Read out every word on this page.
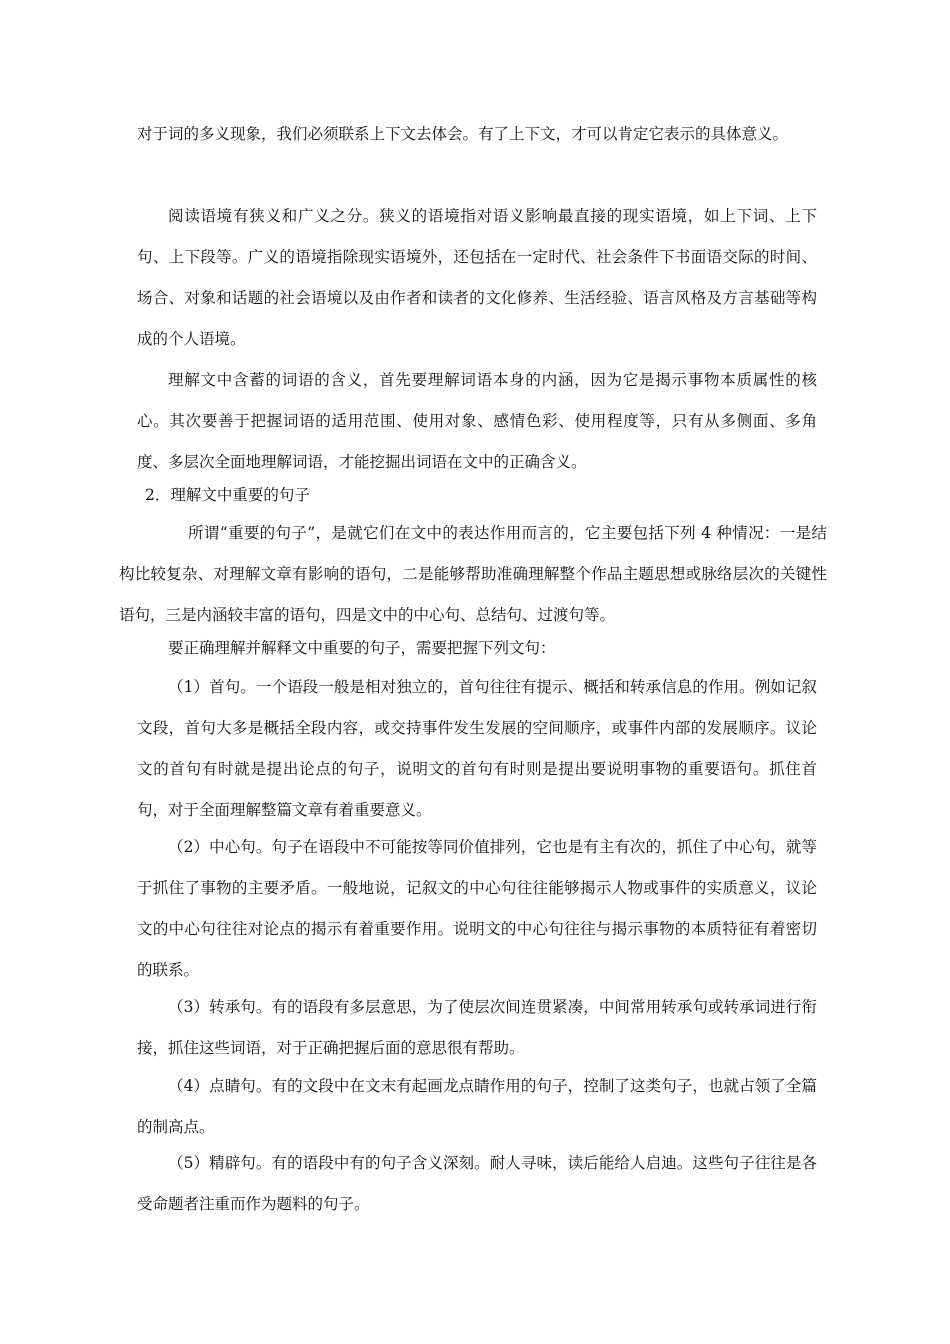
对于词的多义现象，我们必须联系上下文去体会。有了上下文，才可以肯定它表示的具体意义。

阅读语境有狭义和广义之分。狭义的语境指对语义影响最直接的现实语境，如上下词、上下句、上下段等。广义的语境指除现实语境外，还包括在一定时代、社会条件下书面语交际的时间、场合、对象和话题的社会语境以及由作者和读者的文化修养、生活经验、语言风格及方言基础等构成的个人语境。

理解文中含蓄的词语的含义，首先要理解词语本身的内涵，因为它是揭示事物本质属性的核心。其次要善于把握词语的适用范围、使用对象、感情色彩、使用程度等，只有从多侧面、多角度、多层次全面地理解词语，才能挖掘出词语在文中的正确含义。

2．理解文中重要的句子

所谓“重要的句子”，是就它们在文中的表达作用而言的，它主要包括下列 4 种情况：一是结构比较复杂、对理解文章有影响的语句，二是能够帮助准确理解整个作品主题思想或脉络层次的关键性语句，三是内涵较丰富的语句，四是文中的中心句、总结句、过渡句等。

要正确理解并解释文中重要的句子，需要把握下列文句：

（1）首句。一个语段一般是相对独立的，首句往往有提示、概括和转承信息的作用。例如记叙文段，首句大多是概括全段内容，或交持事件发生发展的空间顺序，或事件内部的发展顺序。议论文的首句有时就是提出论点的句子，说明文的首句有时则是提出要说明事物的重要语句。抓住首句，对于全面理解整篇文章有着重要意义。

（2）中心句。句子在语段中不可能按等同价值排列，它也是有主有次的，抓住了中心句，就等于抓住了事物的主要矛盾。一般地说，记叙文的中心句往往能够揭示人物或事件的实质意义，议论文的中心句往往对论点的揭示有着重要作用。说明文的中心句往往与揭示事物的本质特征有着密切的联系。

（3）转承句。有的语段有多层意思，为了使层次间连贯紧凑，中间常用转承句或转承词进行衔接，抓住这些词语，对于正确把握后面的意思很有帮助。

（4）点睛句。有的文段中在文末有起画龙点睛作用的句子，控制了这类句子，也就占领了全篇的制高点。

（5）精辟句。有的语段中有的句子含义深刻。耐人寻味，读后能给人启迪。这些句子往往是各受命题者注重而作为题料的句子。
